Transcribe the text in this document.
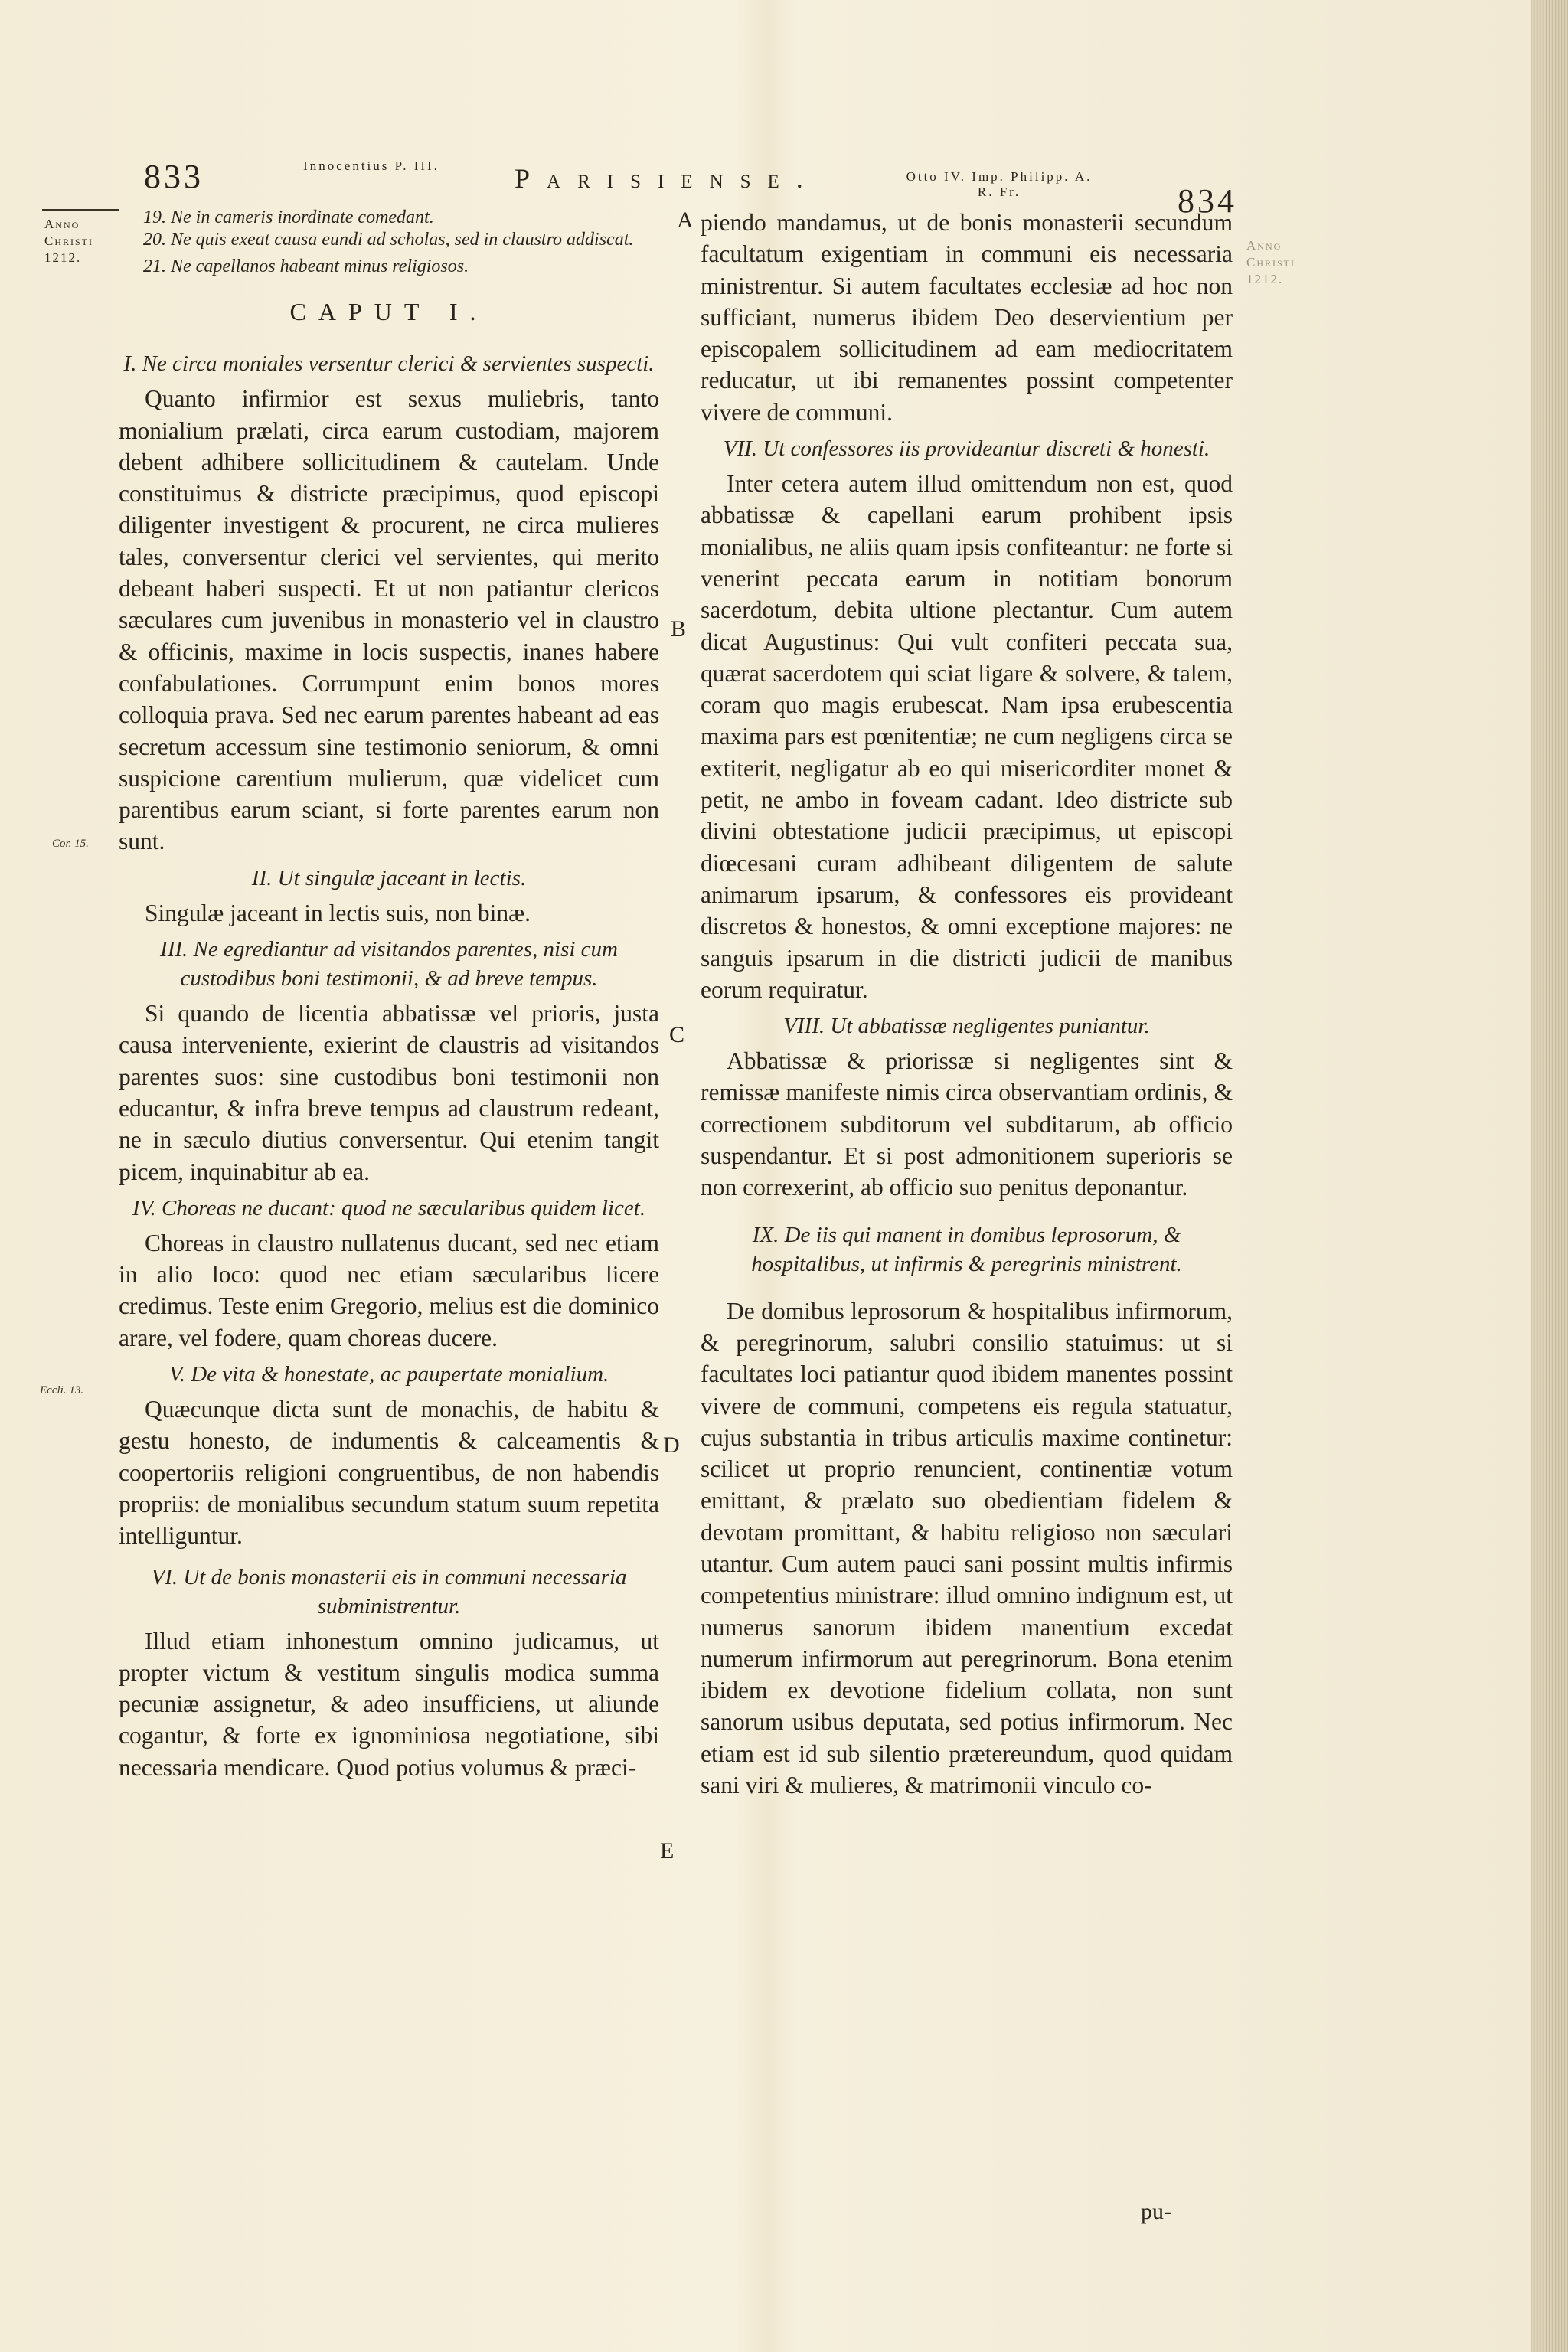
833	Innocentius P. III.	Parisiense.	Otto IV. Imp. Philipp. A. R. Fr.	834
Anno Christi 1212.
Anno Christi 1212.
Cor. 15.
Eccli. 13.
A
B
C
D
E
19. Ne in cameris inordinate comedant.
20. Ne quis exeat causa eundi ad scholas, sed in claustro addiscat.
21. Ne capellanos habeant minus religiosos.
CAPUT I.
I. Ne circa moniales versentur clerici & servientes suspecti.

Quanto infirmior est sexus muliebris, tanto monialium prælati, circa earum custodiam, majorem debent adhibere sollicitudinem & cautelam. Unde constituimus & districte præcipimus, quod episcopi diligenter investigent & procurent, ne circa mulieres tales, conversentur clerici vel servientes, qui merito debeant haberi suspecti. Et ut non patiantur clericos sæculares cum juvenibus in monasterio vel in claustro & officinis, maxime in locis suspectis, inanes habere confabulationes. Corrumpunt enim bonos mores colloquia prava. Sed nec earum parentes habeant ad eas secretum accessum sine testimonio seniorum, & omni suspicione carentium mulierum, quæ videlicet cum parentibus earum sciant, si forte parentes earum non sunt.

II. Ut singulæ jaceant in lectis.

Singulæ jaceant in lectis suis, non binæ.

III. Ne egrediantur ad visitandos parentes, nisi cum custodibus boni testimonii, & ad breve tempus.

Si quando de licentia abbatissæ vel prioris, justa causa interveniente, exierint de claustris ad visitandos parentes suos: sine custodibus boni testimonii non educantur, & infra breve tempus ad claustrum redeant, ne in sæculo diutius conversentur. Qui etenim tangit picem, inquinabitur ab ea.

IV. Choreas ne ducant: quod ne sæcularibus quidem licet.

Choreas in claustro nullatenus ducant, sed nec etiam in alio loco: quod nec etiam sæcularibus licere credimus. Teste enim Gregorio, melius est die dominico arare, vel fodere, quam choreas ducere.

V. De vita & honestate, ac paupertate monialium.

Quæcunque dicta sunt de monachis, de habitu & gestu honesto, de indumentis & calceamentis & coopertoriis religioni congruentibus, de non habendis propriis: de monialibus secundum statum suum repetita intelliguntur.

VI. Ut de bonis monasterii eis in communi necessaria subministrentur.

Illud etiam inhonestum omnino judicamus, ut propter victum & vestitum singulis modica summa pecuniæ assignetur, & adeo insufficiens, ut aliunde cogantur, & forte ex ignominiosa negotiatione, sibi necessaria mendicare. Quod potius volumus & præci-

piendo mandamus, ut de bonis monasterii secundum facultatum exigentiam in communi eis necessaria ministrentur. Si autem facultates ecclesiæ ad hoc non sufficiant, numerus ibidem Deo deservientium per episcopalem sollicitudinem ad eam mediocritatem reducatur, ut ibi remanentes possint competenter vivere de communi.

VII. Ut confessores iis provideantur discreti & honesti.

Inter cetera autem illud omittendum non est, quod abbatissæ & capellani earum prohibent ipsis monialibus, ne aliis quam ipsis confiteantur: ne forte si venerint peccata earum in notitiam bonorum sacerdotum, debita ultione plectantur. Cum autem dicat Augustinus: Qui vult confiteri peccata sua, quærat sacerdotem qui sciat ligare & solvere, & talem, coram quo magis erubescat. Nam ipsa erubescentia maxima pars est pœnitentiæ; ne cum negligens circa se extiterit, negligatur ab eo qui misericorditer monet & petit, ne ambo in foveam cadant. Ideo districte sub divini obtestatione judicii præcipimus, ut episcopi diœcesani curam adhibeant diligentem de salute animarum ipsarum, & confessores eis provideant discretos & honestos, & omni exceptione majores: ne sanguis ipsarum in die districti judicii de manibus eorum requiratur.

VIII. Ut abbatissæ negligentes puniantur.

Abbatissæ & priorissæ si negligentes sint & remissæ manifeste nimis circa observantiam ordinis, & correctionem subditorum vel subditarum, ab officio suspendantur. Et si post admonitionem superioris se non correxerint, ab officio suo penitus deponantur.

IX. De iis qui manent in domibus leprosorum, & hospitalibus, ut infirmis & peregrinis ministrent.

De domibus leprosorum & hospitalibus infirmorum, & peregrinorum, salubri consilio statuimus: ut si facultates loci patiantur quod ibidem manentes possint vivere de communi, competens eis regula statuatur, cujus substantia in tribus articulis maxime continetur: scilicet ut proprio renuncient, continentiæ votum emittant, & prælato suo obedientiam fidelem & devotam promittant, & habitu religioso non sæculari utantur. Cum autem pauci sani possint multis infirmis competentius ministrare: illud omnino indignum est, ut numerus sanorum ibidem manentium excedat numerum infirmorum aut peregrinorum. Bona etenim ibidem ex devotione fidelium collata, non sunt sanorum usibus deputata, sed potius infirmorum. Nec etiam est id sub silentio prætereundum, quod quidam sani viri & mulieres, & matrimonii vinculo co-

pu-
